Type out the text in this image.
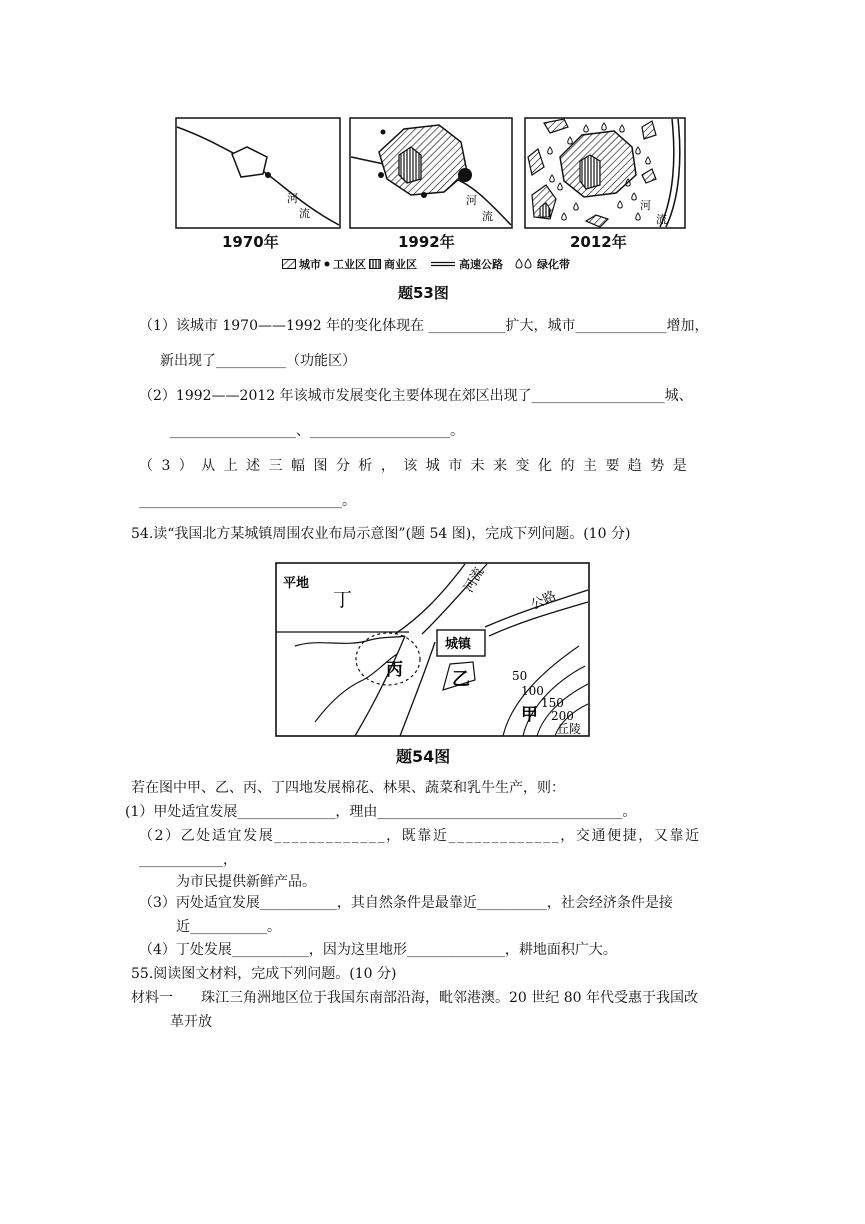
河
流
河
流
河
流
1970年	1992年	2012年
城市 工业区 商业区	高速公路	绿化带
题53图
（1）该城市 1970——1992 年的变化体现在 ___________扩大，城市_____________增加，
新出现了__________（功能区）
（2）1992——2012 年该城市发展变化主要体现在郊区出现了___________________城、
__________________、____________________。
（ 3 ） 从 上 述 三 幅 图 分 析 ， 该 城 市 未 来 变 化 的 主 要 趋 势 是
_____________________________。
54.读“我国北方某城镇周围农业布局示意图”(题 54 图)，完成下列问题。(10 分)
平地
丁
河流
公路
城镇
丙	乙	50
100
150
200
甲
丘陵
题54图
若在图中甲、乙、丙、丁四地发展棉花、林果、蔬菜和乳牛生产，则：
(1）甲处适宜发展______________，理由___________________________________。
（2）乙处适宜发展_____________，既靠近_____________，交通便捷，又靠近
____________，
为市民提供新鲜产品。
（3）丙处适宜发展___________，其自然条件是最靠近__________，社会经济条件是接
近___________。
（4）丁处发展___________，因为这里地形______________，耕地面积广大。
55.阅读图文材料，完成下列问题。(10 分)
材料一 珠江三角洲地区位于我国东南部沿海，毗邻港澳。20 世纪 80 年代受惠于我国改
革开放
